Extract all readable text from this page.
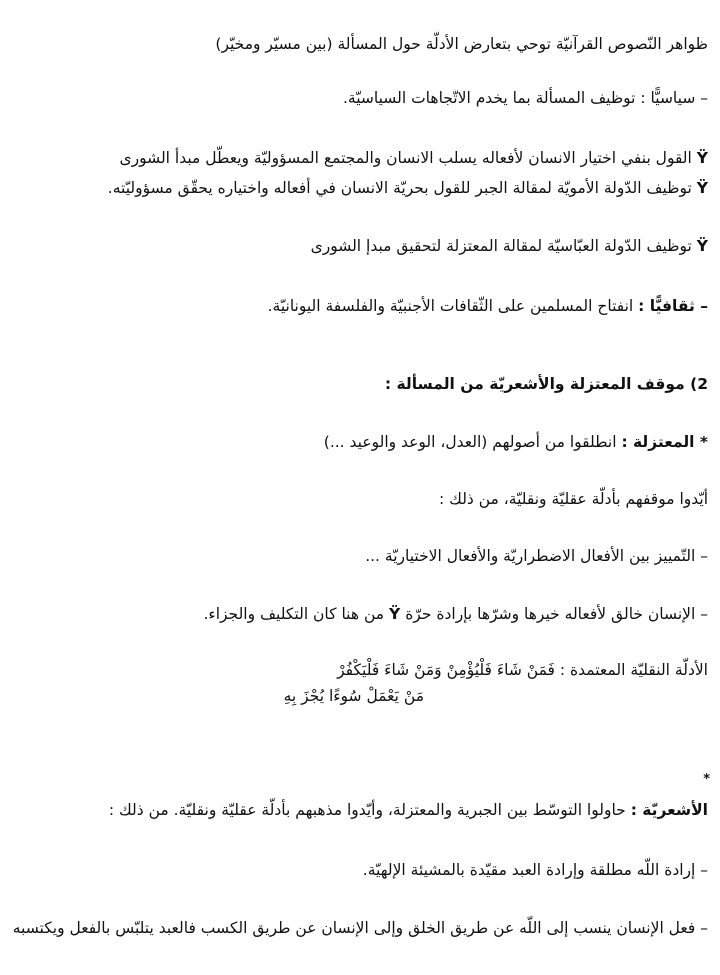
ظواهر النّصوص القرآنيّة توحي بتعارض الأدلّة حول المسألة (بين مسيّر ومخيّر)
– سياسيًّا : توظيف المسألة بما يخدم الاتّجاهات السياسيّة.
Ÿ القول بنفي اختيار الانسان لأفعاله يسلب الانسان والمجتمع المسؤوليّة ويعطّل مبدأ الشورى
Ÿ توظيف الدّولة الأمويّة لمقالة الجبر للقول بحريّة الانسان في أفعاله واختياره يحقّق مسؤوليّته.
Ÿ توظيف الدّولة العبّاسيّة لمقالة المعتزلة لتحقيق مبدإ الشورى
– ثقافيًّا : انفتاح المسلمين على الثّقافات الأجنبيّة والفلسفة اليونانيّة.
2) موقف المعتزلة والأشعريّة من المسألة :
* المعتزلة : انطلقوا من أصولهم (العدل، الوعد والوعيد ...)
أيّدوا موقفهم بأدلّة عقليّة ونقليّة، من ذلك :
– التّمييز بين الأفعال الاضطراريّة والأفعال الاختياريّة ...
– الإنسان خالق لأفعاله خيرها وشرّها بإرادة حرّة Ÿ من هنا كان التكليف والجزاء.
الأدلّة النقليّة المعتمدة : فَمَنْ شَاءَ فَلْيُؤْمِنْ وَمَنْ شَاءَ فَلْيَكْفُرْ
مَنْ يَعْمَلْ سُوءًا يُجْزَ بِهِ
*
الأشعريّة : حاولوا التوسّط بين الجبرية والمعتزلة، وأيّدوا مذهبهم بأدلّة عقليّة ونقليّة. من ذلك :
– إرادة اللّه مطلقة وإرادة العبد مقيّدة بالمشيئة الإلهيّة.
– فعل الإنسان ينسب إلى اللّه عن طريق الخلق وإلى الإنسان عن طريق الكسب فالعبد يتلبّس بالفعل ويكتسبه
